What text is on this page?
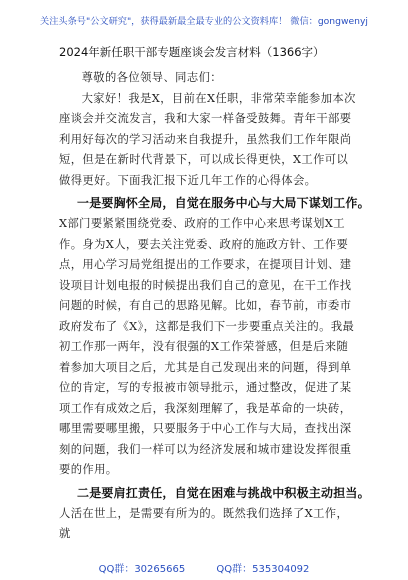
关注头条号"公文研究"，获得最新最全最专业的公文资料库！ 微信：gongwenyj
2024年新任职干部专题座谈会发言材料（1366字）

尊敬的各位领导、同志们：

大家好！我是X，目前在X任职，非常荣幸能参加本次座谈会并交流发言，我和大家一样备受鼓舞。青年干部要利用好每次的学习活动来自我提升，虽然我们工作年限尚短，但是在新时代背景下，可以成长得更快，X工作可以做得更好。下面我汇报下近几年工作的心得体会。

一是要胸怀全局，自觉在服务中心与大局下谋划工作。

X部门要紧紧围绕党委、政府的工作中心来思考谋划X工作。身为X人，要去关注党委、政府的施政方针、工作要点，用心学习局党组提出的工作要求，在提项目计划、建设项目计划电报的时候提出我们自己的意见，在干工作找问题的时候，有自己的思路见解。比如，春节前，市委市政府发布了《X》，这都是我们下一步要重点关注的。我最初工作那一两年，没有很强的X工作荣誉感，但是后来随着参加大项目之后，尤其是自己发现出来的问题，得到单位的肯定，写的专报被市领导批示，通过整改，促进了某项工作有成效之后，我深刻理解了，我是革命的一块砖，哪里需要哪里搬，只要服务于中心工作与大局，查找出深刻的问题，我们一样可以为经济发展和城市建设发挥很重要的作用。

二是要肩扛责任，自觉在困难与挑战中积极主动担当。

人活在世上，是需要有所为的。既然我们选择了X工作，就

QQ群：30265665	QQ群：535304092
